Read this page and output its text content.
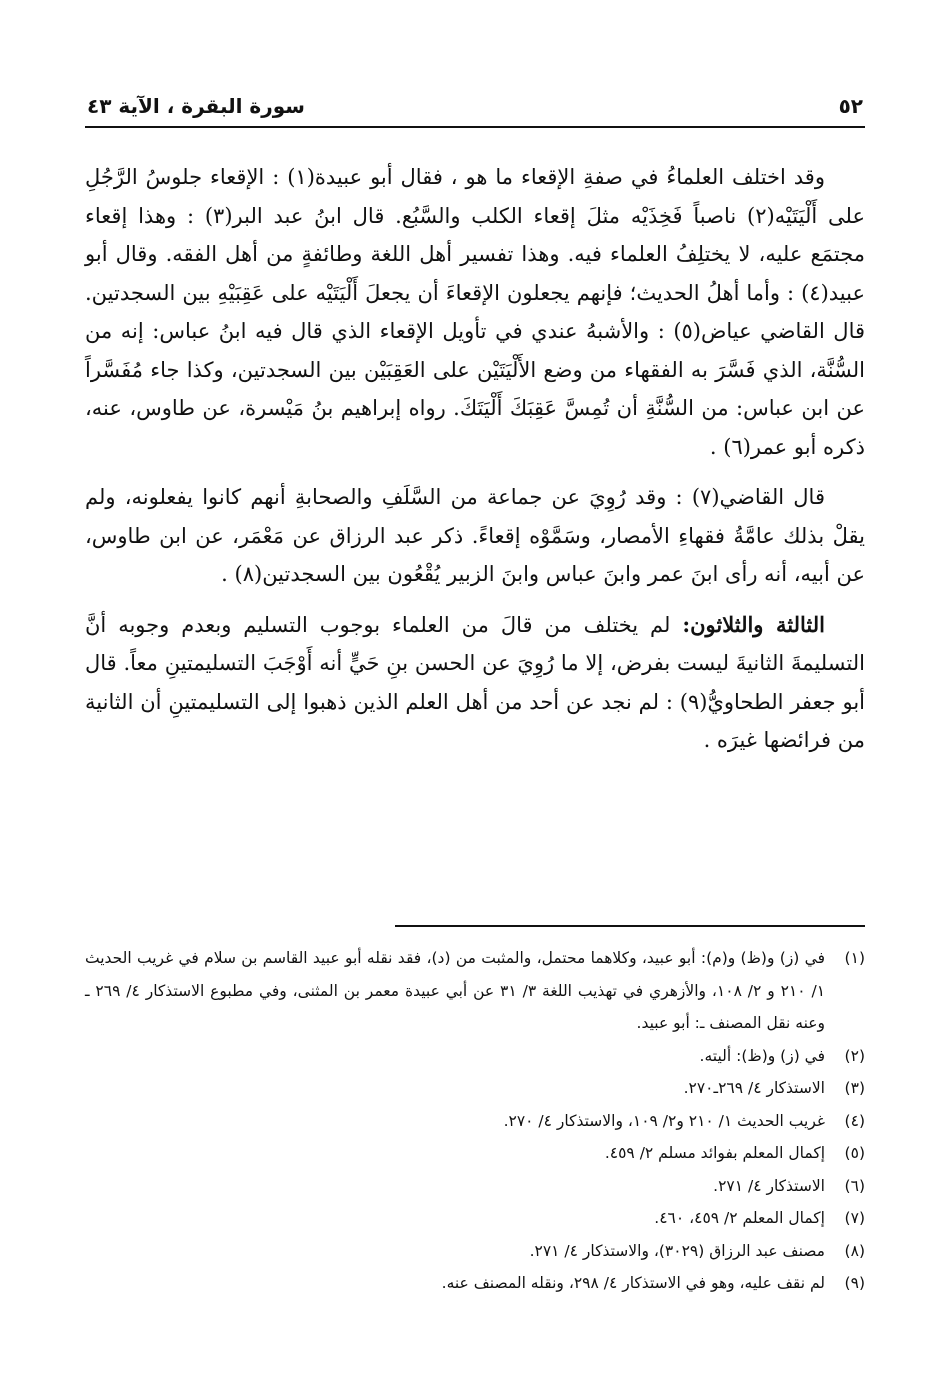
٥٢
سورة البقرة ، الآية ٤٣

وقد اختلف العلماءُ في صفةِ الإقعاء ما هو ، فقال أبو عبيدة(١) : الإقعاء جلوسُ الرَّجُلِ على أَلْيَتَيْه(٢) ناصباً فَخِذَيْه مثلَ إقعاء الكلب والسَّبُع. قال ابنُ عبد البر(٣) : وهذا إقعاء مجتمَع عليه، لا يختلِفُ العلماء فيه. وهذا تفسير أهل اللغة وطائفةٍ من أهل الفقه. وقال أبو عبيد(٤) : وأما أهلُ الحديث؛ فإنهم يجعلون الإقعاءَ أن يجعلَ أَلْيَتَيْه على عَقِبَيْهِ بين السجدتين. قال القاضي عياض(٥) : والأشبهُ عندي في تأويل الإقعاء الذي قال فيه ابنُ عباس: إنه من السُّنَّة، الذي فَسَّرَ به الفقهاء من وضع الأَلْيَتَيْن على العَقِبَيْن بين السجدتين، وكذا جاء مُفَسَّراً عن ابن عباس: من السُّنَّةِ أن تُمِسَّ عَقِبَكَ أَلْيَتَكَ. رواه إبراهيم بنُ مَيْسرة، عن طاوس، عنه، ذكره أبو عمر(٦) .

قال القاضي(٧) : وقد رُوِيَ عن جماعة من السَّلَفِ والصحابةِ أنهم كانوا يفعلونه، ولم يقلْ بذلك عامَّةُ فقهاءِ الأمصار، وسَمَّوْه إقعاءً. ذكر عبد الرزاق عن مَعْمَر، عن ابن طاوس، عن أبيه، أنه رأى ابنَ عمر وابنَ عباس وابنَ الزبير يُقْعُون بين السجدتين(٨) .

الثالثة والثلاثون: لم يختلف من قالَ من العلماء بوجوب التسليم وبعدم وجوبه أنَّ التسليمةَ الثانيةَ ليست بفرض، إلا ما رُوِيَ عن الحسن بنِ حَيٍّ أنه أَوْجَبَ التسليمتينِ معاً. قال أبو جعفر الطحاويُّ(٩) : لم نجد عن أحد من أهل العلم الذين ذهبوا إلى التسليمتينِ أن الثانية من فرائضها غيرَه .

(١)
في (ز) و(ظ) و(م): أبو عبيد، وكلاهما محتمل، والمثبت من (د)، فقد نقله أبو عبيد القاسم بن سلام في غريب الحديث ١/ ٢١٠ و ٢/ ١٠٨، والأزهري في تهذيب اللغة ٣/ ٣١ عن أبي عبيدة معمر بن المثنى، وفي مطبوع الاستذكار ٤/ ٢٦٩ ـ وعنه نقل المصنف ـ: أبو عبيد.
(٢)
في (ز) و(ظ): أليته.
(٣)
الاستذكار ٤/ ٢٦٩ـ٢٧٠.
(٤)
غريب الحديث ١/ ٢١٠ و٢/ ١٠٩، والاستذكار ٤/ ٢٧٠.
(٥)
إكمال المعلم بفوائد مسلم ٢/ ٤٥٩.
(٦)
الاستذكار ٤/ ٢٧١.
(٧)
إكمال المعلم ٢/ ٤٥٩، ٤٦٠.
(٨)
مصنف عبد الرزاق (٣٠٢٩)، والاستذكار ٤/ ٢٧١.
(٩)
لم نقف عليه، وهو في الاستذكار ٤/ ٢٩٨، ونقله المصنف عنه.
